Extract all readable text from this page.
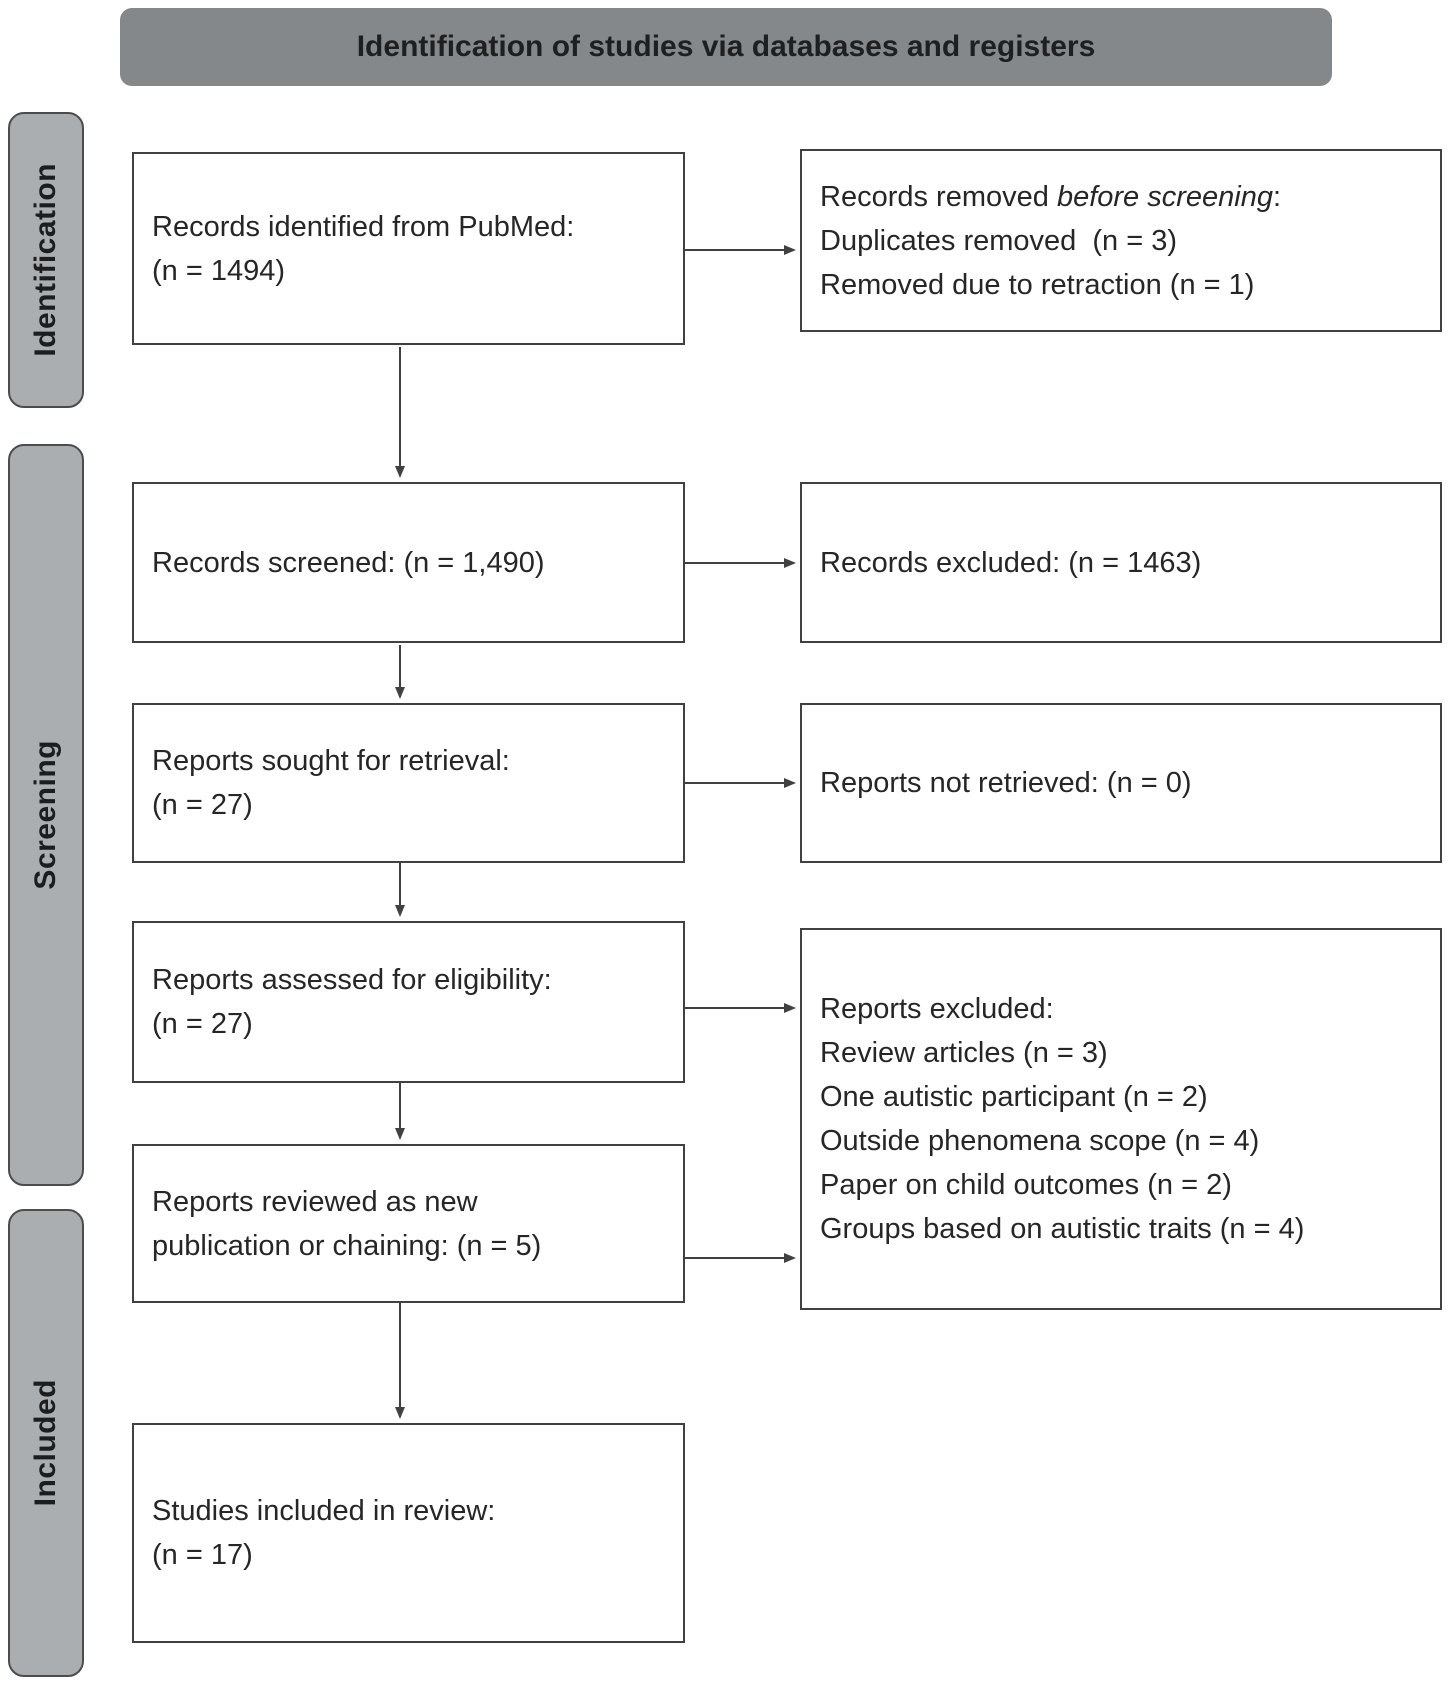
Identification of studies via databases and registers
Identification
Screening
Included
Records identified from PubMed:
(n = 1494)
Records screened: (n = 1,490)
Reports sought for retrieval:
(n = 27)
Reports assessed for eligibility:
(n = 27)
Reports reviewed as new
publication or chaining: (n = 5)
Studies included in review:
(n = 17)
Records removed before screening:
Duplicates removed  (n = 3)
Removed due to retraction (n = 1)
Records excluded: (n = 1463)
Reports not retrieved: (n = 0)
Reports excluded:
Review articles (n = 3)
One autistic participant (n = 2)
Outside phenomena scope (n = 4)
Paper on child outcomes (n = 2)
Groups based on autistic traits (n = 4)
